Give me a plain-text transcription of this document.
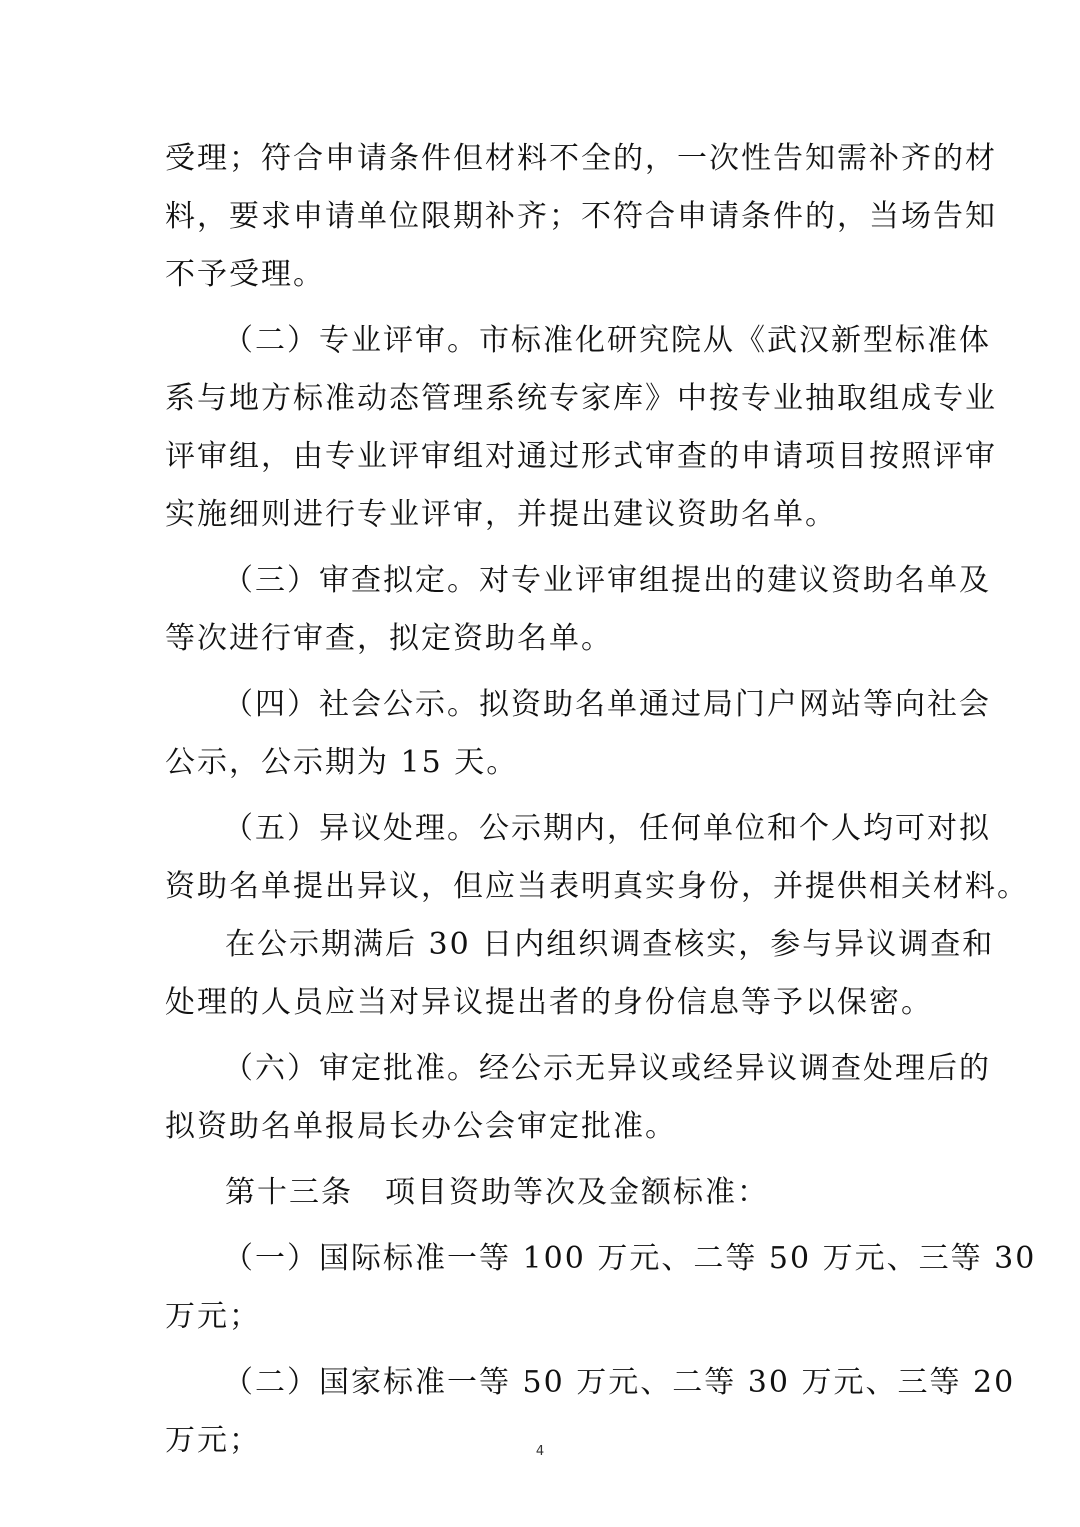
受理；符合申请条件但材料不全的，一次性告知需补齐的材
料，要求申请单位限期补齐；不符合申请条件的，当场告知
不予受理。
（二）专业评审。市标准化研究院从《武汉新型标准体
系与地方标准动态管理系统专家库》中按专业抽取组成专业
评审组，由专业评审组对通过形式审查的申请项目按照评审
实施细则进行专业评审，并提出建议资助名单。
（三）审查拟定。对专业评审组提出的建议资助名单及
等次进行审查，拟定资助名单。
（四）社会公示。拟资助名单通过局门户网站等向社会
公示，公示期为 15 天。
（五）异议处理。公示期内，任何单位和个人均可对拟
资助名单提出异议，但应当表明真实身份，并提供相关材料。
在公示期满后 30 日内组织调查核实，参与异议调查和
处理的人员应当对异议提出者的身份信息等予以保密。
（六）审定批准。经公示无异议或经异议调查处理后的
拟资助名单报局长办公会审定批准。
第十三条　项目资助等次及金额标准：
（一）国际标准一等 100 万元、二等 50 万元、三等 30
万元；
（二）国家标准一等 50 万元、二等 30 万元、三等 20
万元；	4
